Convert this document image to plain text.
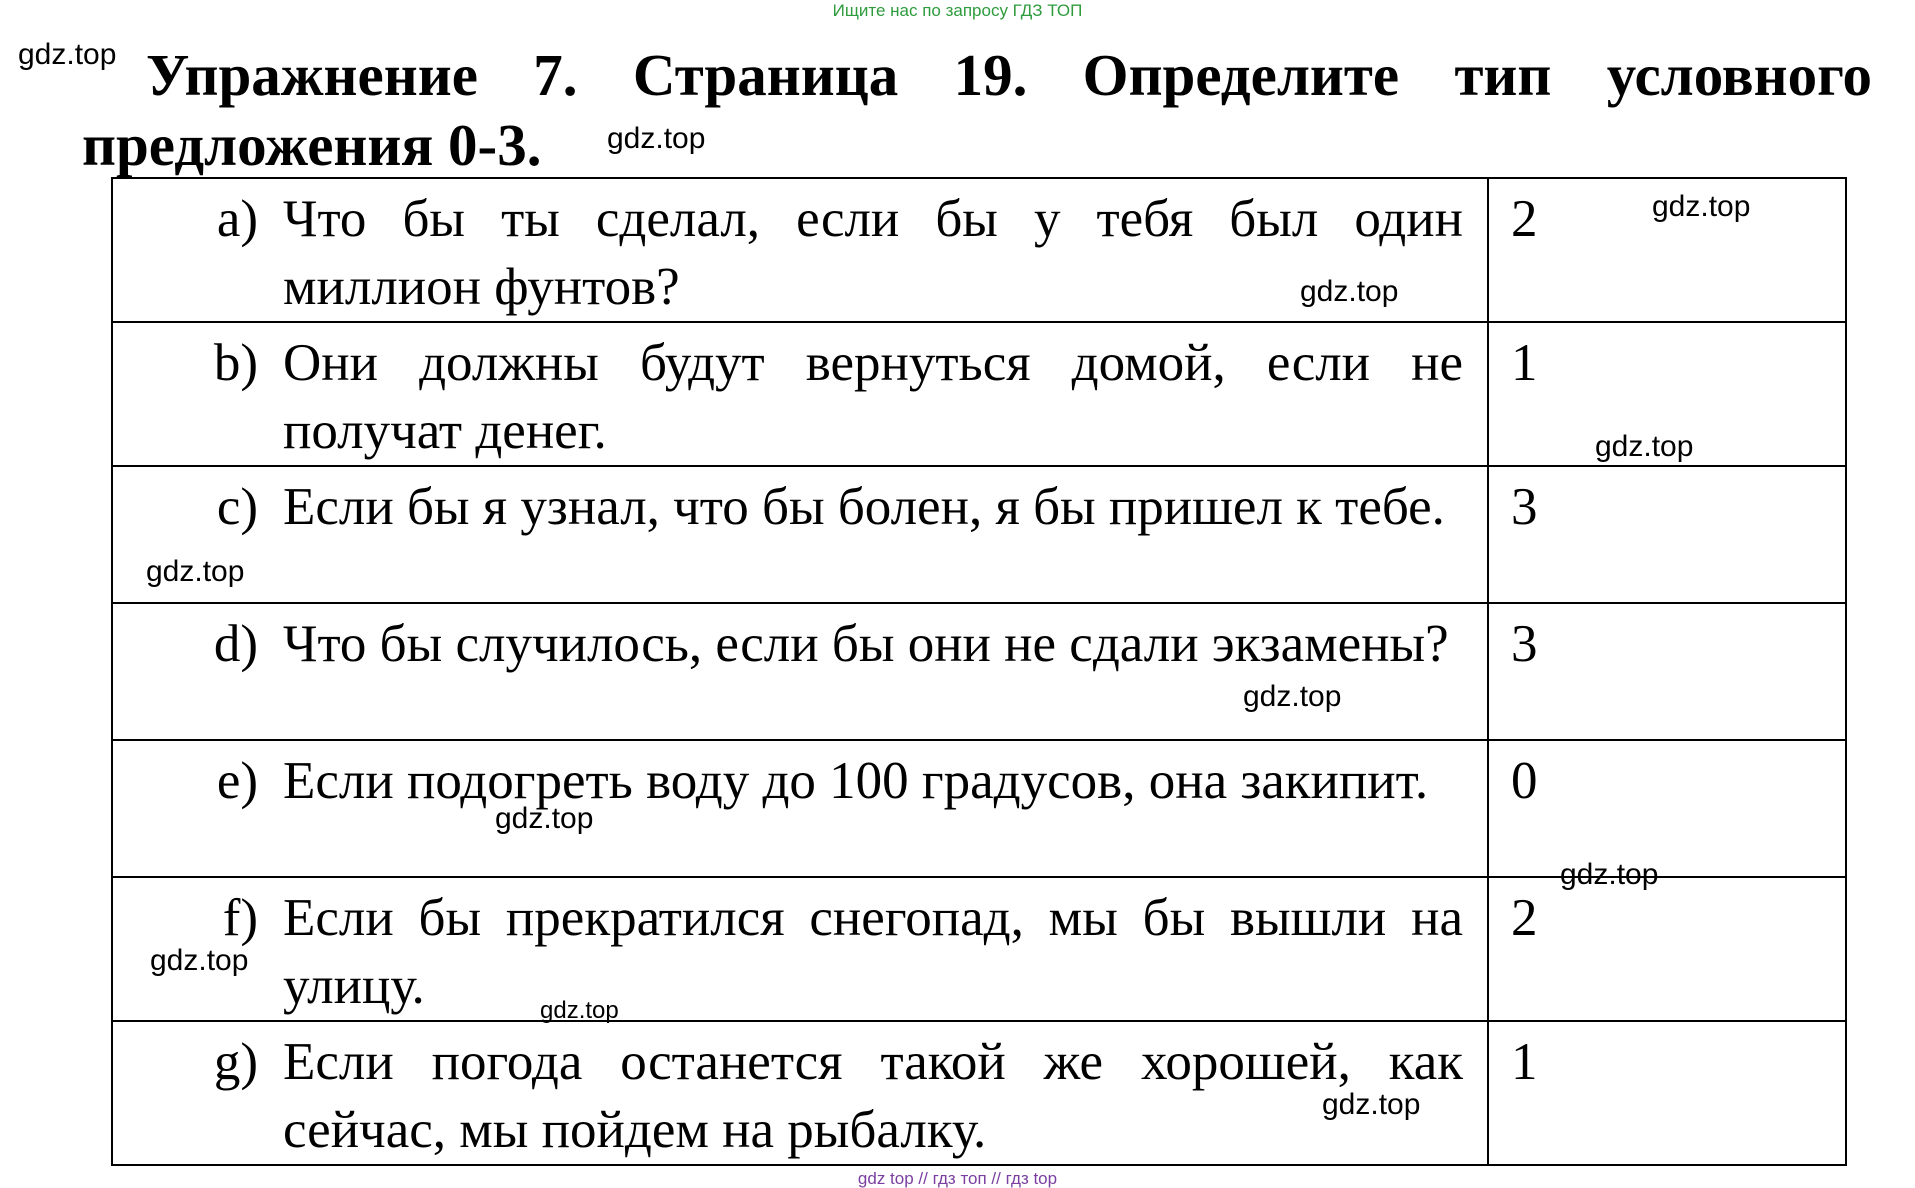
Ищите нас по запросу ГДЗ ТОП
Упражнение 7. Страница 19. Определите тип условного
предложения 0-3.
a) Что бы ты сделал, если бы у тебя был один миллион фунтов?	2

b) Они должны будут вернуться домой, если не получат денег.	1

c) Если бы я узнал, что бы болен, я бы пришел к тебе.	3

d) Что бы случилось, если бы они не сдали экзамены?	3

e) Если подогреть воду до 100 градусов, она закипит.	0

f) Если бы прекратился снегопад, мы бы вышли на улицу.	2

g) Если погода останется такой же хорошей, как сейчас, мы пойдем на рыбалку.	1
gdz.top
gdz.top
gdz.top
gdz.top
gdz.top
gdz.top
gdz.top
gdz.top
gdz.top
gdz.top
gdz.top
gdz.top
gdz top // гдз топ // гдз top
